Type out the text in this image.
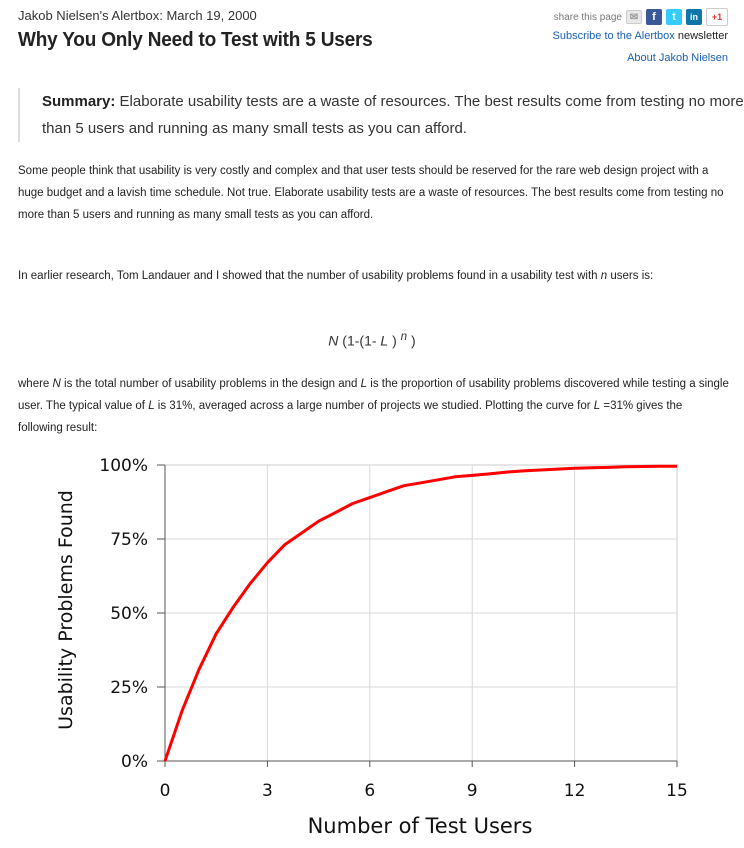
Jakob Nielsen's Alertbox: March 19, 2000
Why You Only Need to Test with 5 Users
share this page ✉	f	t	in	+1
Subscribe to the Alertbox newsletter
About Jakob Nielsen
Summary: Elaborate usability tests are a waste of resources. The best results come from testing no more than 5 users and running as many small tests as you can afford.
Some people think that usability is very costly and complex and that user tests should be reserved for the rare web design project with a huge budget and a lavish time schedule. Not true. Elaborate usability tests are a waste of resources. The best results come from testing no more than 5 users and running as many small tests as you can afford.
In earlier research, Tom Landauer and I showed that the number of usability problems found in a usability test with n users is:
N (1-(1- L ) $^n$ )
where N is the total number of usability problems in the design and L is the proportion of usability problems discovered while testing a single user. The typical value of L is 31%, averaged across a large number of projects we studied. Plotting the curve for L =31% gives the following result:
0	3	6	9	12	15
0%
25%
50%
75%
100%
Number of Test Users
Usability Problems Found
